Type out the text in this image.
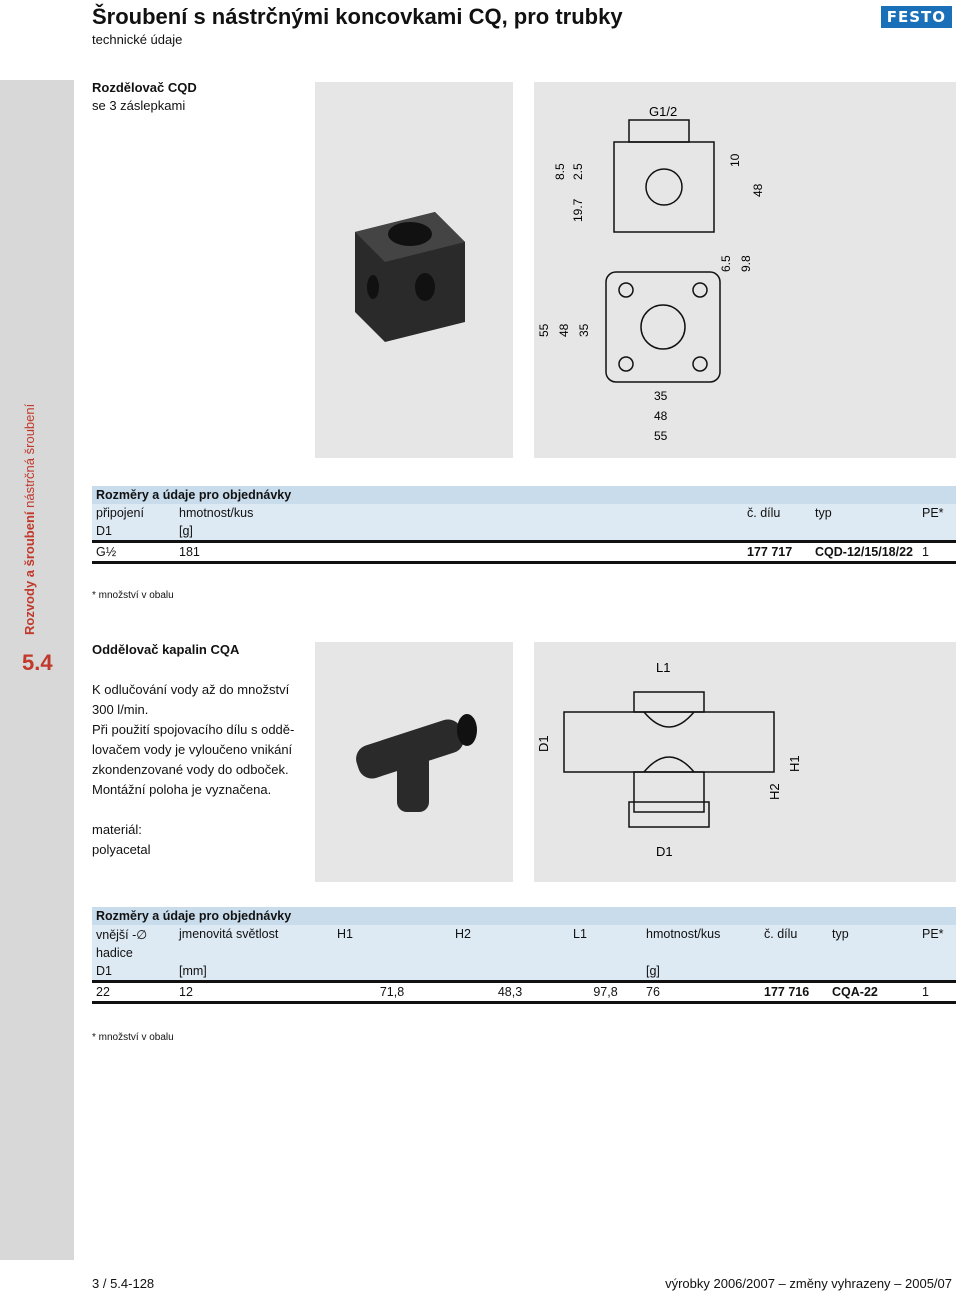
Šroubení s nástrčnými koncovkami CQ, pro trubky
technické údaje
FESTO
Rozvody a šroubení nástrčná šroubení
5.4
Rozdělovač CQD
se 3 záslepkami	G1/2
8.5 2.5
19.7
10
48
6.5 9.8
55 48 35
35
48
55
Rozměry a údaje pro objednávky				
připojení	hmotnost/kus	č. dílu	typ	PE*
D1	[g]			
G½	181	177 717	CQD-12/15/18/22	1
* množství v obalu
Oddělovač kapalin CQA
K odlučování vody až do množství
300 l/min.
Při použití spojovacího dílu s oddě-
lovačem vody je vyloučeno vnikání
zkondenzované vody do odboček.
Montážní poloha je vyznačena.
materiál:
polyacetal
L1
D1
H2
H1
D1
Rozměry a údaje pro objednávky								
vnější -∅	jmenovitá světlost	H1	H2	L1	hmotnost/kus	č. dílu	typ	PE*
hadice								
D1	[mm]				[g]			
22	12	71,8	48,3	97,8	76	177 716	CQA-22	1
* množství v obalu
3 / 5.4-128	výrobky 2006/2007 – změny vyhrazeny – 2005/07
